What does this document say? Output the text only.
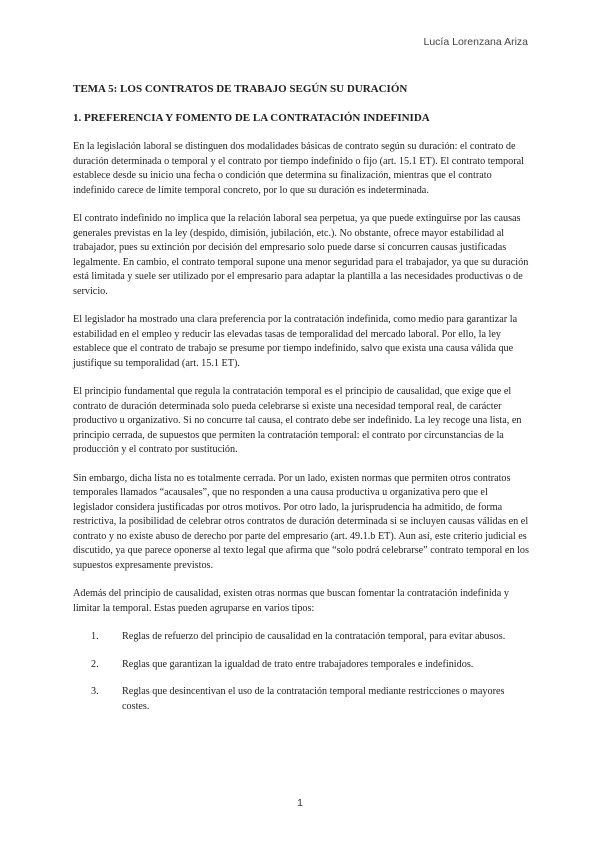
Lucía Lorenzana Ariza

TEMA 5: LOS CONTRATOS DE TRABAJO SEGÚN SU DURACIÓN
1. PREFERENCIA Y FOMENTO DE LA CONTRATACIÓN INDEFINIDA

En la legislación laboral se distinguen dos modalidades básicas de contrato según su duración: el contrato de duración determinada o temporal y el contrato por tiempo indefinido o fijo (art. 15.1 ET). El contrato temporal establece desde su inicio una fecha o condición que determina su finalización, mientras que el contrato indefinido carece de límite temporal concreto, por lo que su duración es indeterminada.

El contrato indefinido no implica que la relación laboral sea perpetua, ya que puede extinguirse por las causas generales previstas en la ley (despido, dimisión, jubilación, etc.). No obstante, ofrece mayor estabilidad al trabajador, pues su extinción por decisión del empresario solo puede darse si concurren causas justificadas legalmente. En cambio, el contrato temporal supone una menor seguridad para el trabajador, ya que su duración está limitada y suele ser utilizado por el empresario para adaptar la plantilla a las necesidades productivas o de servicio.

El legislador ha mostrado una clara preferencia por la contratación indefinida, como medio para garantizar la estabilidad en el empleo y reducir las elevadas tasas de temporalidad del mercado laboral. Por ello, la ley establece que el contrato de trabajo se presume por tiempo indefinido, salvo que exista una causa válida que justifique su temporalidad (art. 15.1 ET).

El principio fundamental que regula la contratación temporal es el principio de causalidad, que exige que el contrato de duración determinada solo pueda celebrarse si existe una necesidad temporal real, de carácter productivo u organizativo. Si no concurre tal causa, el contrato debe ser indefinido. La ley recoge una lista, en principio cerrada, de supuestos que permiten la contratación temporal: el contrato por circunstancias de la producción y el contrato por sustitución.

Sin embargo, dicha lista no es totalmente cerrada. Por un lado, existen normas que permiten otros contratos temporales llamados “acausales”, que no responden a una causa productiva u organizativa pero que el legislador considera justificadas por otros motivos. Por otro lado, la jurisprudencia ha admitido, de forma restrictiva, la posibilidad de celebrar otros contratos de duración determinada si se incluyen causas válidas en el contrato y no existe abuso de derecho por parte del empresario (art. 49.1.b ET). Aun así, este criterio judicial es discutido, ya que parece oponerse al texto legal que afirma que “solo podrá celebrarse” contrato temporal en los supuestos expresamente previstos.

Además del principio de causalidad, existen otras normas que buscan fomentar la contratación indefinida y limitar la temporal. Estas pueden agruparse en varios tipos:

1.	Reglas de refuerzo del principio de causalidad en la contratación temporal, para evitar abusos.
2.	Reglas que garantizan la igualdad de trato entre trabajadores temporales e indefinidos.
3.	Reglas que desincentivan el uso de la contratación temporal mediante restricciones o mayores costes.

1
